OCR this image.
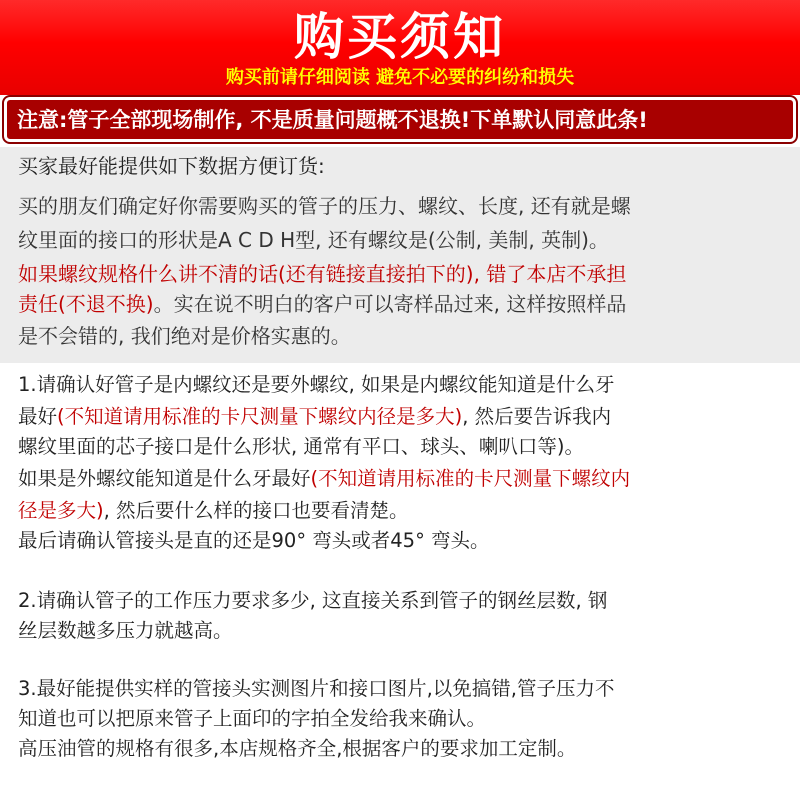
购买须知
购买前请仔细阅读 避免不必要的纠纷和损失
注意:管子全部现场制作, 不是质量问题概不退换!下单默认同意此条!
买家最好能提供如下数据方便订货:
买的朋友们确定好你需要购买的管子的压力、螺纹、长度, 还有就是螺
纹里面的接口的形状是A C D H型, 还有螺纹是(公制, 美制, 英制)。
如果螺纹规格什么讲不清的话(还有链接直接拍下的), 错了本店不承担
责任(不退不换)。实在说不明白的客户可以寄样品过来, 这样按照样品
是不会错的, 我们绝对是价格实惠的。
1.请确认好管子是内螺纹还是要外螺纹, 如果是内螺纹能知道是什么牙
最好(不知道请用标准的卡尺测量下螺纹内径是多大), 然后要告诉我内
螺纹里面的芯子接口是什么形状, 通常有平口、球头、喇叭口等)。
如果是外螺纹能知道是什么牙最好(不知道请用标准的卡尺测量下螺纹内
径是多大), 然后要什么样的接口也要看清楚。
最后请确认管接头是直的还是90° 弯头或者45° 弯头。
2.请确认管子的工作压力要求多少, 这直接关系到管子的钢丝层数, 钢
丝层数越多压力就越高。
3.最好能提供实样的管接头实测图片和接口图片,以免搞错,管子压力不
知道也可以把原来管子上面印的字拍全发给我来确认。
高压油管的规格有很多,本店规格齐全,根据客户的要求加工定制。
